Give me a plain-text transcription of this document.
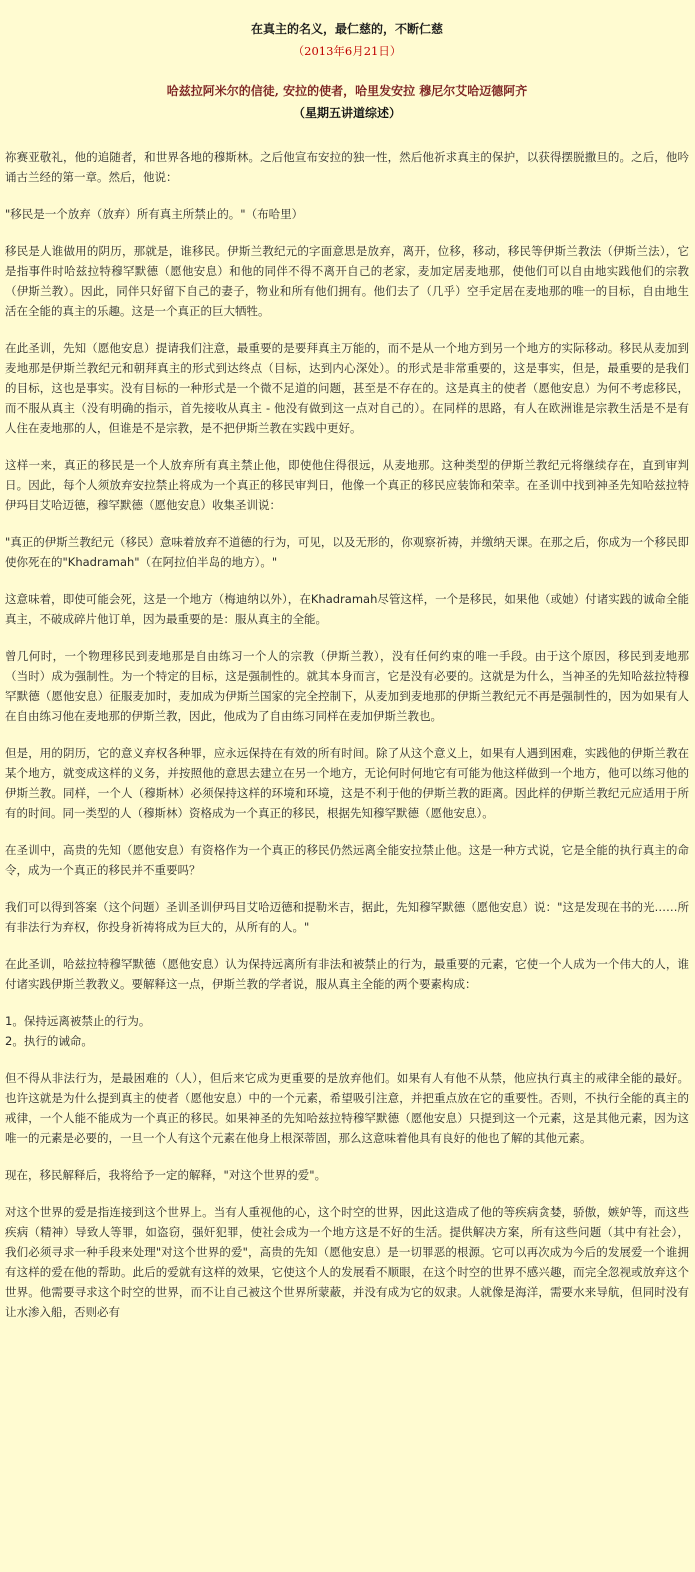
在真主的名义，最仁慈的，不断仁慈
（2013年6月21日）
哈兹拉阿米尔的信徒, 安拉的使者，哈里发安拉 穆尼尔艾哈迈德阿齐
（星期五讲道综述）

祢赛亚敬礼，他的追随者，和世界各地的穆斯林。之后他宣布安拉的独一性，然后他祈求真主的保护，以获得摆脱撒旦的。之后，他吟诵古兰经的第一章。然后，他说：

"移民是一个放弃（放弃）所有真主所禁止的。"（布哈里）

移民是人谁做用的阴历，那就是，谁移民。伊斯兰教纪元的字面意思是放弃，离开，位移，移动，移民等伊斯兰教法（伊斯兰法），它是指事件时哈兹拉特穆罕默德（愿他安息）和他的同伴不得不离开自己的老家，麦加定居麦地那，使他们可以自由地实践他们的宗教（伊斯兰教）。因此，同伴只好留下自己的妻子，物业和所有他们拥有。他们去了（几乎）空手定居在麦地那的唯一的目标，自由地生活在全能的真主的乐趣。这是一个真正的巨大牺牲。

在此圣训，先知（愿他安息）提请我们注意，最重要的是要拜真主万能的，而不是从一个地方到另一个地方的实际移动。移民从麦加到麦地那是伊斯兰教纪元和朝拜真主的形式到达终点（目标，达到内心深处）。的形式是非常重要的，这是事实，但是，最重要的是我们的目标，这也是事实。没有目标的一种形式是一个微不足道的问题，甚至是不存在的。这是真主的使者（愿他安息）为何不考虑移民，而不服从真主（没有明确的指示，首先接收从真主 - 他没有做到这一点对自己的）。在同样的思路，有人在欧洲谁是宗教生活是不是有人住在麦地那的人，但谁是不是宗教，是不把伊斯兰教在实践中更好。

这样一来，真正的移民是一个人放弃所有真主禁止他，即使他住得很远，从麦地那。这种类型的伊斯兰教纪元将继续存在，直到审判日。因此，每个人须放弃安拉禁止将成为一个真正的移民审判日，他像一个真正的移民应装饰和荣幸。在圣训中找到神圣先知哈兹拉特伊玛目艾哈迈德，穆罕默德（愿他安息）收集圣训说：

"真正的伊斯兰教纪元（移民）意味着放弃不道德的行为，可见，以及无形的，你观察祈祷，并缴纳天课。在那之后，你成为一个移民即使你死在的"Khadramah"（在阿拉伯半岛的地方）。"

这意味着，即使可能会死，这是一个地方（梅迪纳以外），在Khadramah尽管这样，一个是移民，如果他（或她）付诸实践的诚命全能真主，不破成碎片他订单，因为最重要的是：服从真主的全能。

曾几何时，一个物理移民到麦地那是自由练习一个人的宗教（伊斯兰教），没有任何约束的唯一手段。由于这个原因，移民到麦地那（当时）成为强制性。为一个特定的目标，这是强制性的。就其本身而言，它是没有必要的。这就是为什么，当神圣的先知哈兹拉特穆罕默德（愿他安息）征服麦加时，麦加成为伊斯兰国家的完全控制下，从麦加到麦地那的伊斯兰教纪元不再是强制性的，因为如果有人在自由练习他在麦地那的伊斯兰教，因此，他成为了自由练习同样在麦加伊斯兰教也。

但是，用的阴历，它的意义弃权各种罪，应永远保持在有效的所有时间。除了从这个意义上，如果有人遇到困难，实践他的伊斯兰教在某个地方，就变成这样的义务，并按照他的意思去建立在另一个地方，无论何时何地它有可能为他这样做到一个地方，他可以练习他的伊斯兰教。同样，一个人（穆斯林）必须保持这样的环境和环境，这是不利于他的伊斯兰教的距离。因此样的伊斯兰教纪元应适用于所有的时间。同一类型的人（穆斯林）资格成为一个真正的移民，根据先知穆罕默德（愿他安息）。

在圣训中，高贵的先知（愿他安息）有资格作为一个真正的移民仍然远离全能安拉禁止他。这是一种方式说，它是全能的执行真主的命令，成为一个真正的移民并不重要吗？

我们可以得到答案（这个问题）圣训圣训伊玛目艾哈迈德和提勒米吉，据此，先知穆罕默德（愿他安息）说："这是发现在书的光……所有非法行为弃权，你投身祈祷将成为巨大的，从所有的人。"

在此圣训，哈兹拉特穆罕默德（愿他安息）认为保持远离所有非法和被禁止的行为，最重要的元素，它使一个人成为一个伟大的人，谁付诸实践伊斯兰教教义。要解释这一点，伊斯兰教的学者说，服从真主全能的两个要素构成：

1。保持远离被禁止的行为。
2。执行的诫命。

但不得从非法行为，是最困难的（人），但后来它成为更重要的是放弃他们。如果有人有他不从禁，他应执行真主的戒律全能的最好。也许这就是为什么提到真主的使者（愿他安息）中的一个元素，希望吸引注意，并把重点放在它的重要性。否则，不执行全能的真主的戒律，一个人能不能成为一个真正的移民。如果神圣的先知哈兹拉特穆罕默德（愿他安息）只提到这一个元素，这是其他元素，因为这唯一的元素是必要的，一旦一个人有这个元素在他身上根深蒂固，那么这意味着他具有良好的他也了解的其他元素。

现在，移民解释后，我将给予一定的解释，"对这个世界的爱"。

对这个世界的爱是指连接到这个世界上。当有人重视他的心，这个时空的世界，因此这造成了他的等疾病贪婪，骄傲，嫉妒等，而这些疾病（精神）导致人等罪，如盗窃，强奸犯罪，使社会成为一个地方这是不好的生活。提供解决方案，所有这些问题（其中有社会），我们必须寻求一种手段来处理"对这个世界的爱"，高贵的先知（愿他安息）是一切罪恶的根源。它可以再次成为今后的发展爱一个谁拥有这样的爱在他的帮助。此后的爱就有这样的效果，它使这个人的发展看不顺眼，在这个时空的世界不感兴趣，而完全忽视或放弃这个世界。他需要寻求这个时空的世界，而不让自己被这个世界所蒙蔽，并没有成为它的奴隶。人就像是海洋，需要水来导航，但同时没有让水渗入船，否则必有
